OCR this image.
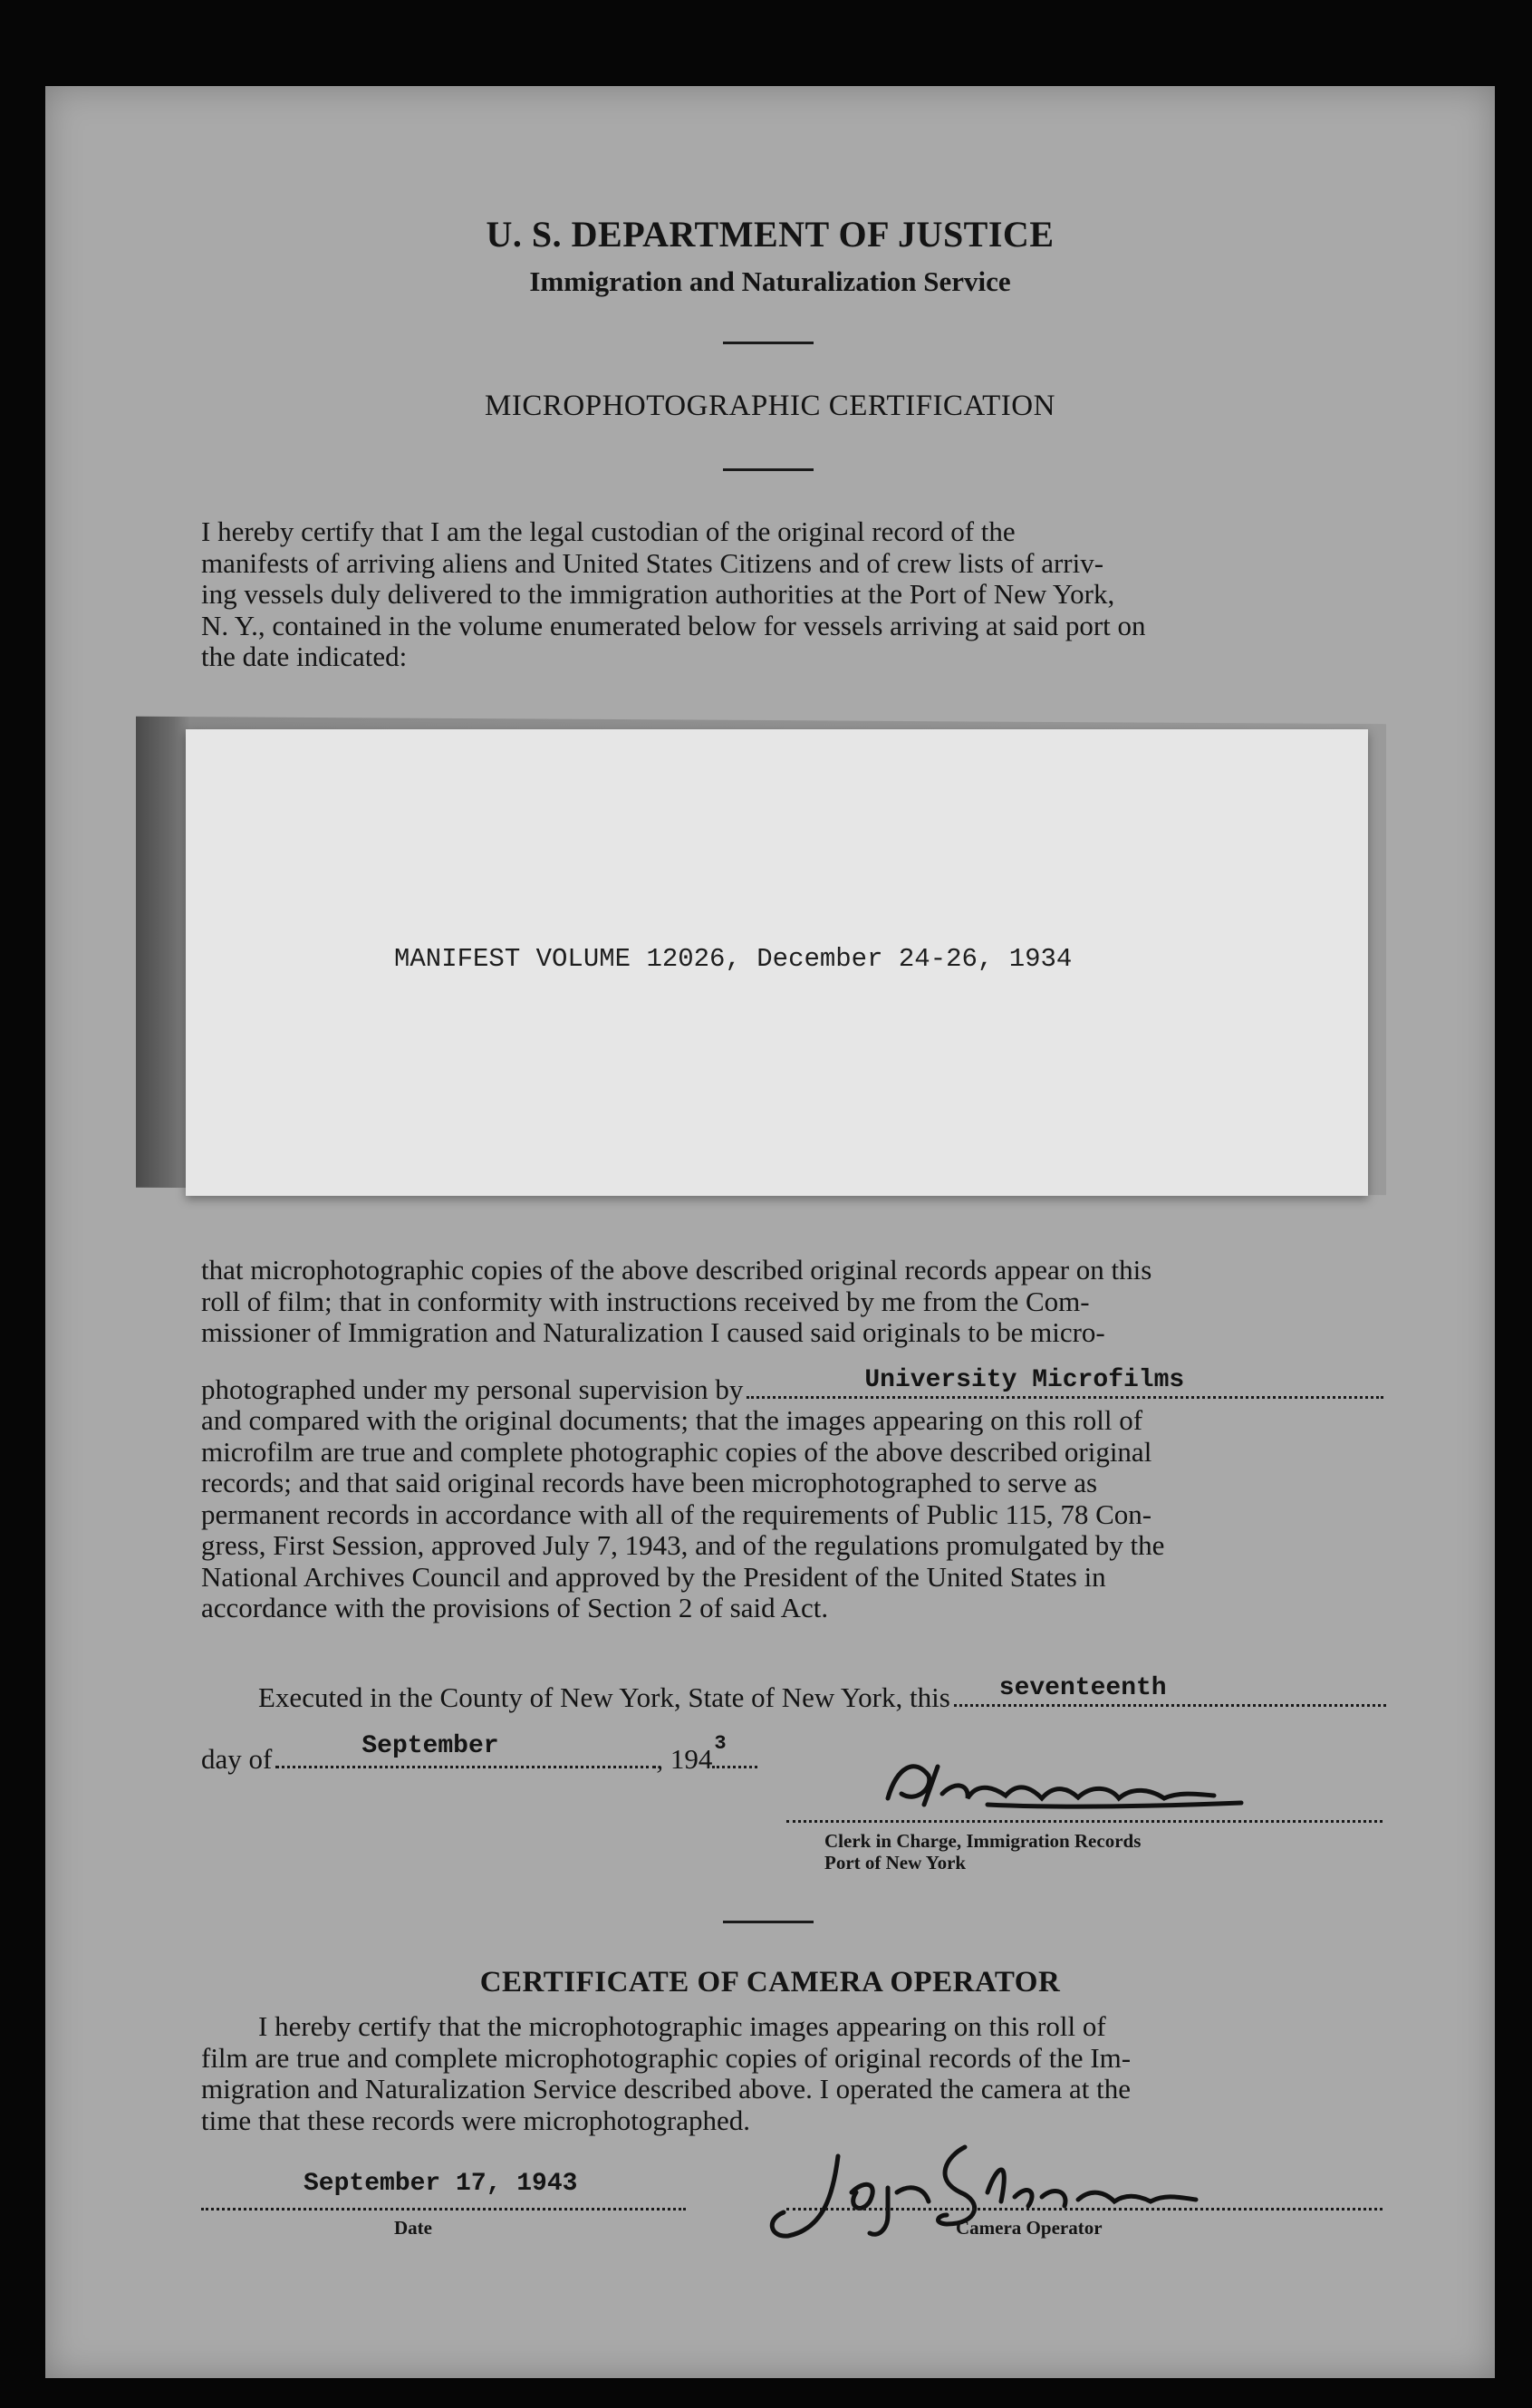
U. S. DEPARTMENT OF JUSTICE
Immigration and Naturalization Service
MICROPHOTOGRAPHIC CERTIFICATION

I hereby certify that I am the legal custodian of the original record of the

manifests of arriving aliens and United States Citizens and of crew lists of arriv-

ing vessels duly delivered to the immigration authorities at the Port of New York,

N. Y., contained in the volume enumerated below for vessels arriving at said port on

the date indicated:

MANIFEST VOLUME 12026, December 24-26, 1934

that microphotographic copies of the above described original records appear on this

roll of film; that in conformity with instructions received by me from the Com-

missioner of Immigration and Naturalization I caused said originals to be micro-

photographed under my personal supervision by	University Microfilms

and compared with the original documents; that the images appearing on this roll of

microfilm are true and complete photographic copies of the above described original

records; and that said original records have been microphotographed to serve as

permanent records in accordance with all of the requirements of Public 115, 78 Con-

gress, First Session, approved July 7, 1943, and of the regulations promulgated by the

National Archives Council and approved by the President of the United States in

accordance with the provisions of Section 2 of said Act.

Executed in the County of New York, State of New York, this seventeenth
day of	September	, 194 3
Clerk in Charge, Immigration Records
Port of New York
CERTIFICATE OF CAMERA OPERATOR

I hereby certify that the microphotographic images appearing on this roll of

film are true and complete microphotographic copies of original records of the Im-

migration and Naturalization Service described above. I operated the camera at the

time that these records were microphotographed.

September 17, 1943
Date	Camera Operator
